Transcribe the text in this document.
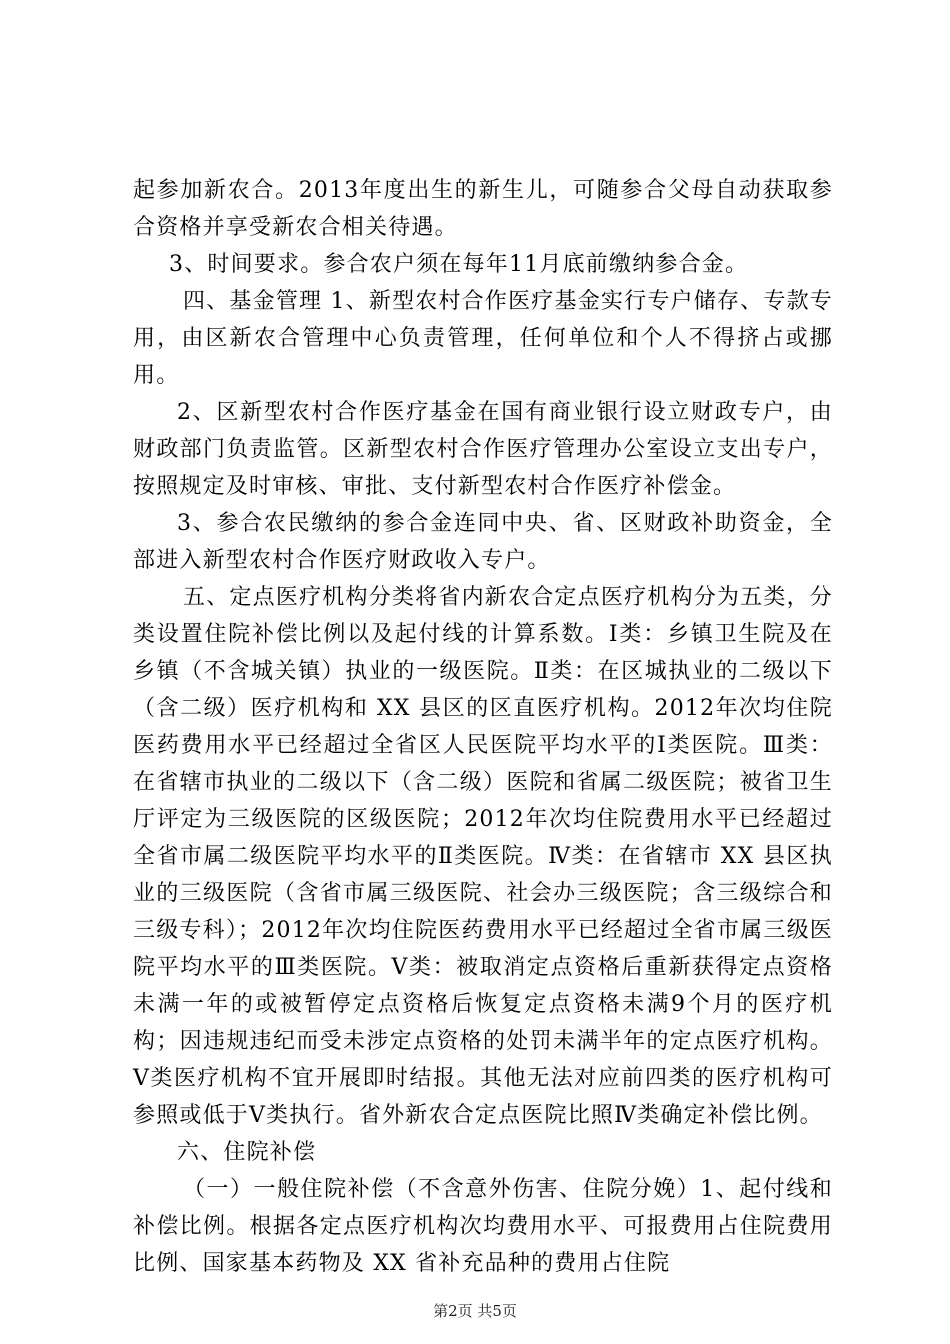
起参加新农合。2013年度出生的新生儿，可随参合父母自动获取参合资格并享受新农合相关待遇。

3、时间要求。参合农户须在每年11月底前缴纳参合金。

四、基金管理 1、新型农村合作医疗基金实行专户储存、专款专用，由区新农合管理中心负责管理，任何单位和个人不得挤占或挪用。

2、区新型农村合作医疗基金在国有商业银行设立财政专户，由财政部门负责监管。区新型农村合作医疗管理办公室设立支出专户，按照规定及时审核、审批、支付新型农村合作医疗补偿金。

3、参合农民缴纳的参合金连同中央、省、区财政补助资金，全部进入新型农村合作医疗财政收入专户。

五、定点医疗机构分类将省内新农合定点医疗机构分为五类，分类设置住院补偿比例以及起付线的计算系数。Ⅰ类：乡镇卫生院及在乡镇（不含城关镇）执业的一级医院。Ⅱ类：在区城执业的二级以下（含二级）医疗机构和 XX 县区的区直医疗机构。2012年次均住院医药费用水平已经超过全省区人民医院平均水平的Ⅰ类医院。Ⅲ类：在省辖市执业的二级以下（含二级）医院和省属二级医院；被省卫生厅评定为三级医院的区级医院；2012年次均住院费用水平已经超过全省市属二级医院平均水平的Ⅱ类医院。Ⅳ类：在省辖市 XX 县区执业的三级医院（含省市属三级医院、社会办三级医院；含三级综合和三级专科）；2012年次均住院医药费用水平已经超过全省市属三级医院平均水平的Ⅲ类医院。Ⅴ类：被取消定点资格后重新获得定点资格未满一年的或被暂停定点资格后恢复定点资格未满9个月的医疗机构；因违规违纪而受未涉定点资格的处罚未满半年的定点医疗机构。Ⅴ类医疗机构不宜开展即时结报。其他无法对应前四类的医疗机构可参照或低于Ⅴ类执行。省外新农合定点医院比照Ⅳ类确定补偿比例。

六、住院补偿

（一）一般住院补偿（不含意外伤害、住院分娩）1、起付线和补偿比例。根据各定点医疗机构次均费用水平、可报费用占住院费用比例、国家基本药物及 XX 省补充品种的费用占住院

第2页 共5页
